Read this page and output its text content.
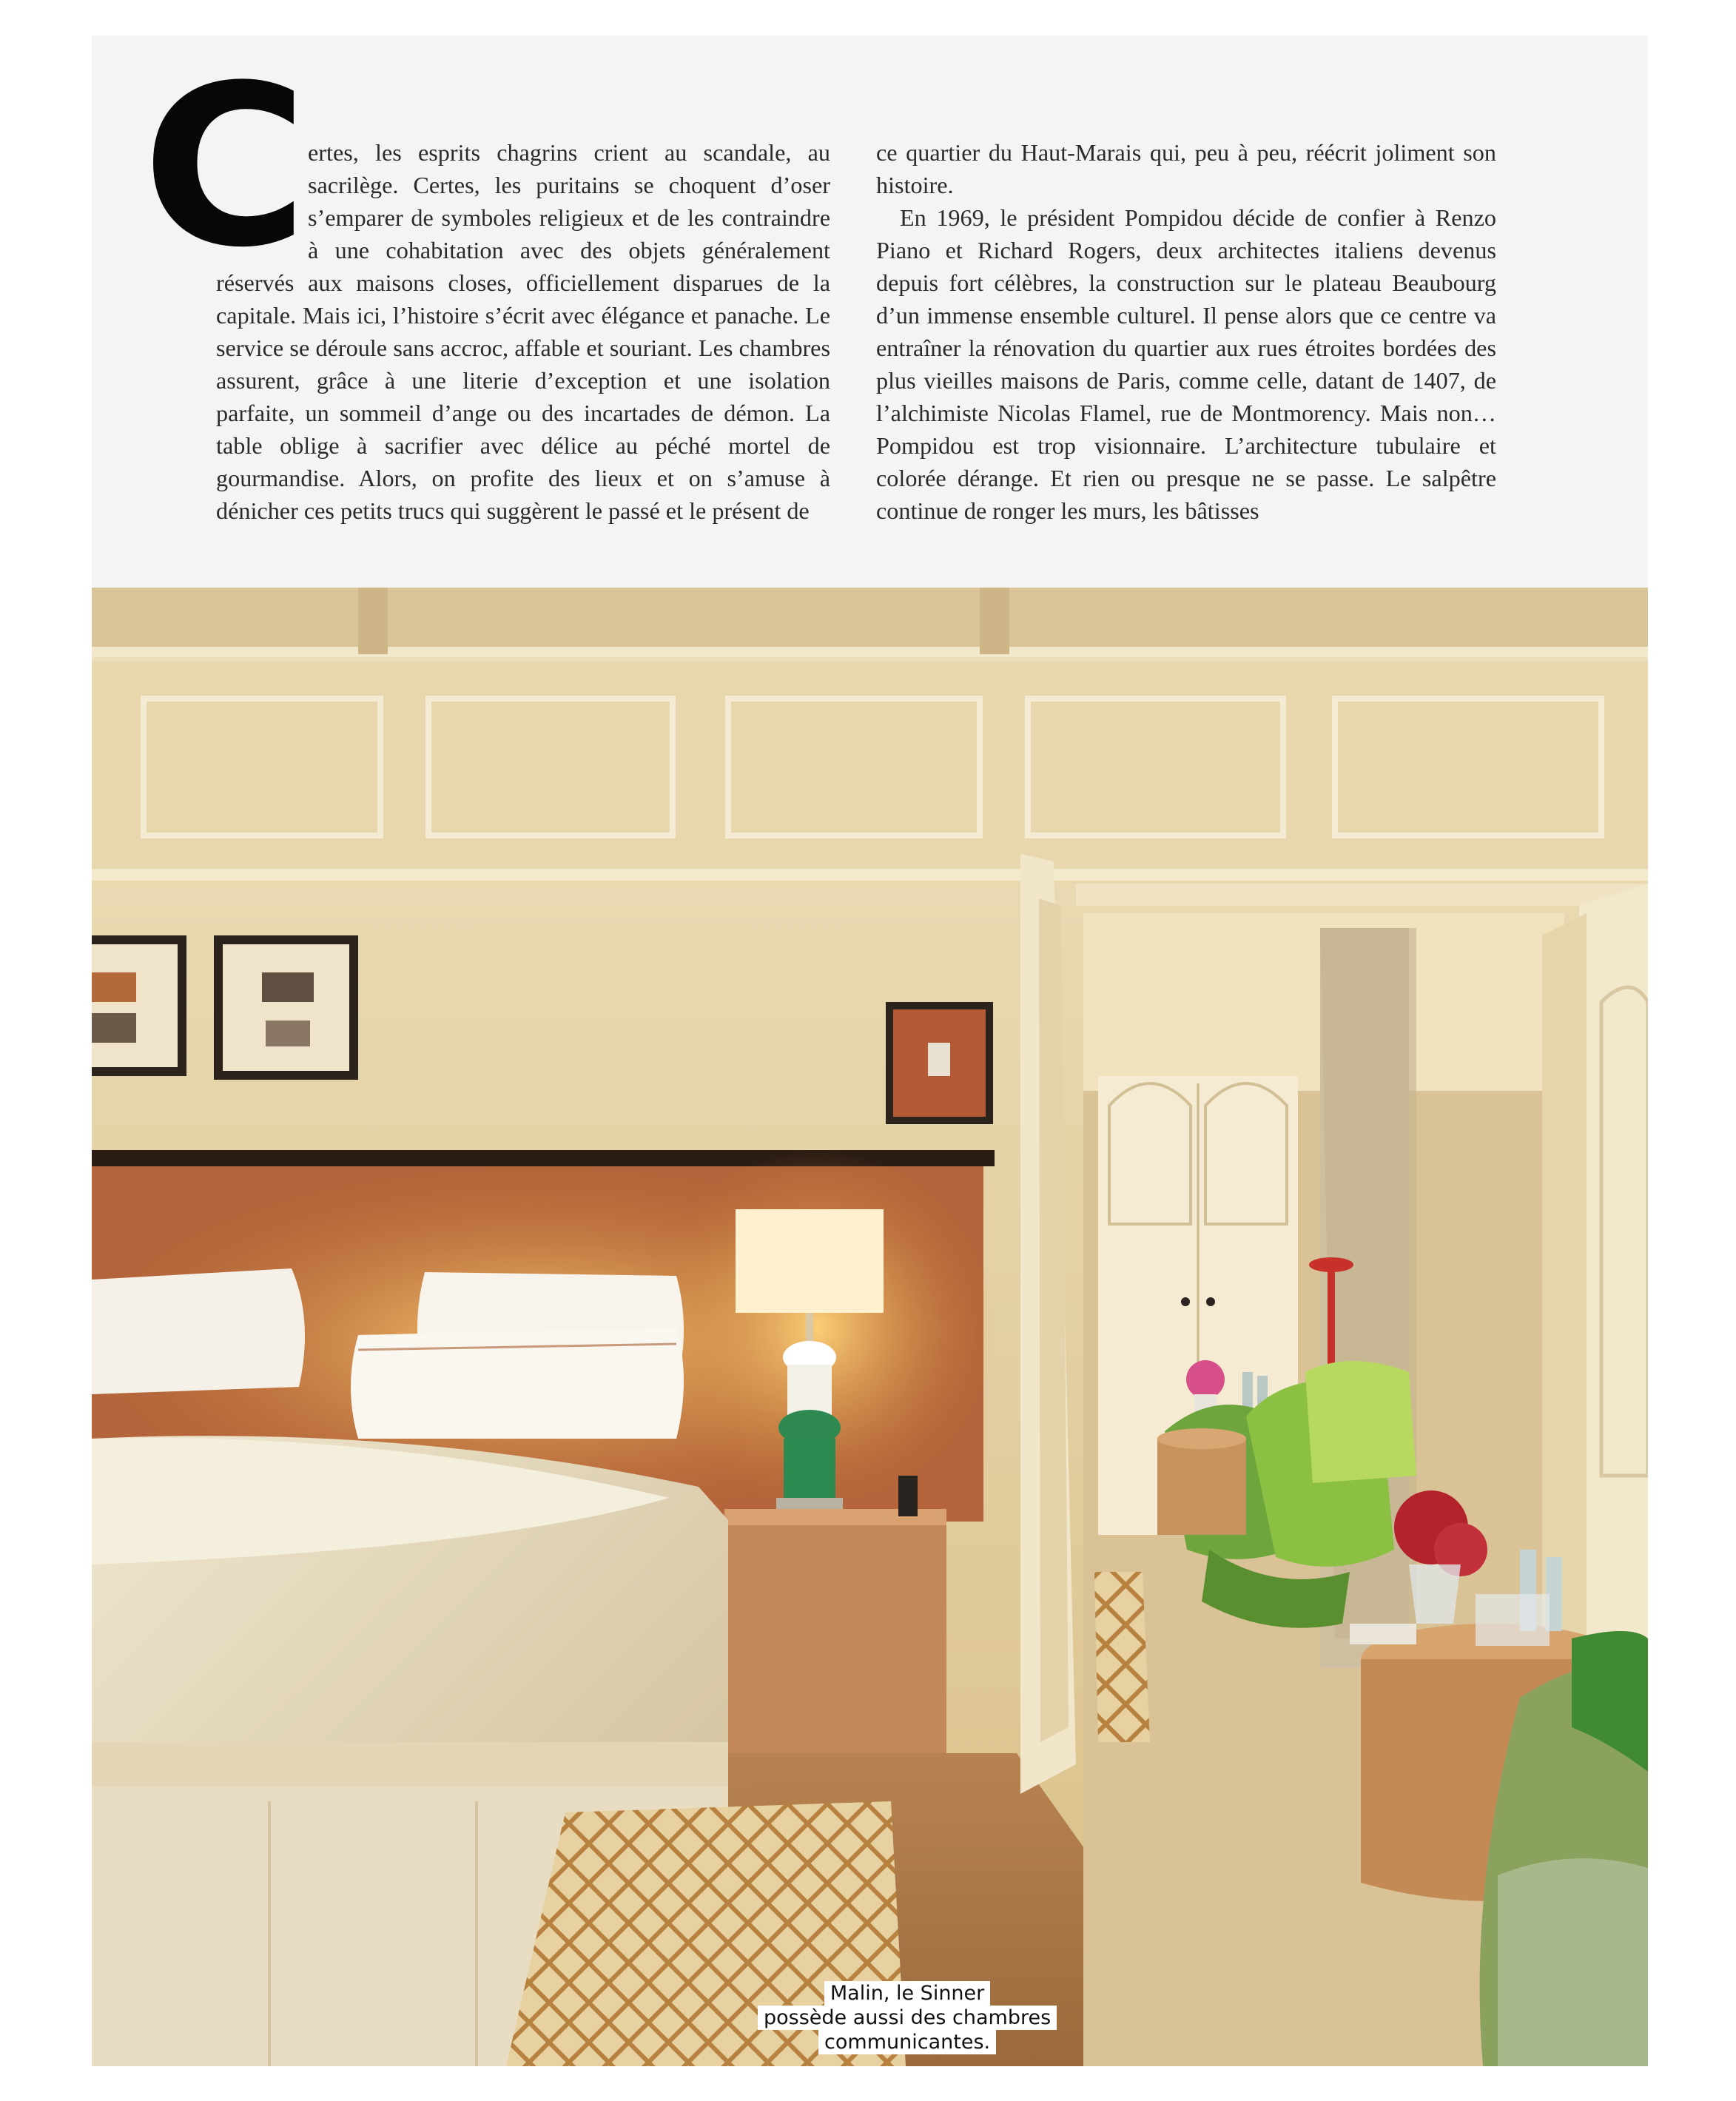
C ertes, les esprits chagrins crient au scandale, au sacrilège. Certes, les puritains se choquent d’oser s’emparer de symboles religieux et de les contraindre à une cohabitation avec des objets généralement réservés aux maisons closes, officiellement disparues de la capitale. Mais ici, l’histoire s’écrit avec élégance et panache. Le service se déroule sans accroc, affable et souriant. Les chambres assurent, grâce à une literie d’exception et une isolation parfaite, un sommeil d’ange ou des incartades de démon. La table oblige à sacrifier avec délice au péché mortel de gourmandise. Alors, on profite des lieux et on s’amuse à dénicher ces petits trucs qui suggèrent le passé et le présent de

ce quartier du Haut-Marais qui, peu à peu, réécrit joliment son histoire.

En 1969, le président Pompidou décide de confier à Renzo Piano et Richard Rogers, deux architectes italiens devenus depuis fort célèbres, la construction sur le plateau Beaubourg d’un immense ensemble culturel. Il pense alors que ce centre va entraîner la rénovation du quartier aux rues étroites bordées des plus vieilles maisons de Paris, comme celle, datant de 1407, de l’alchimiste Nicolas Flamel, rue de Montmorency. Mais non… Pompidou est trop visionnaire. L’architecture tubulaire et colorée dérange. Et rien ou presque ne se passe. Le salpêtre continue de ronger les murs, les bâtisses

Malin, le Sinner
possède aussi des chambres
communicantes.
